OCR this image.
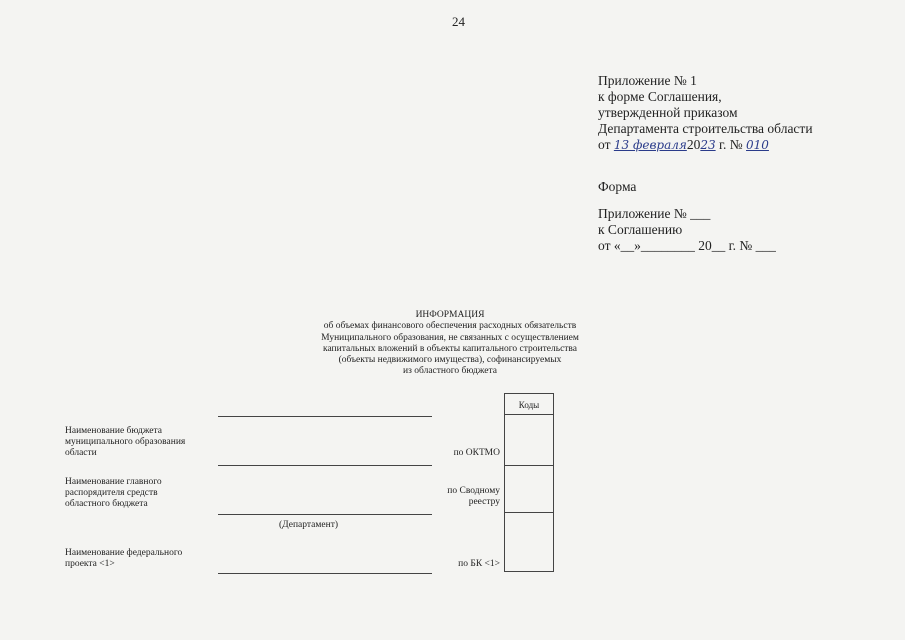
24
Приложение № 1
к форме Соглашения,
утвержденной приказом
Департамента строительства области
от 13 февраля2023 г. № 010
Форма
Приложение № ___
к Соглашению
от «__»________ 20__ г. № ___
ИНФОРМАЦИЯ
об объемах финансового обеспечения расходных обязательств
Муниципального образования, не связанных с осуществлением
капитальных вложений в объекты капитального строительства
(объекты недвижимого имущества), софинансируемых
из областного бюджета
Наименование бюджета
муниципального образования
области
Наименование главного
распорядителя средств
областного бюджета
(Департамент)
Наименование федерального
проекта <1>
по ОКТМО
по Сводному
реестру
по БК <1>
Коды
